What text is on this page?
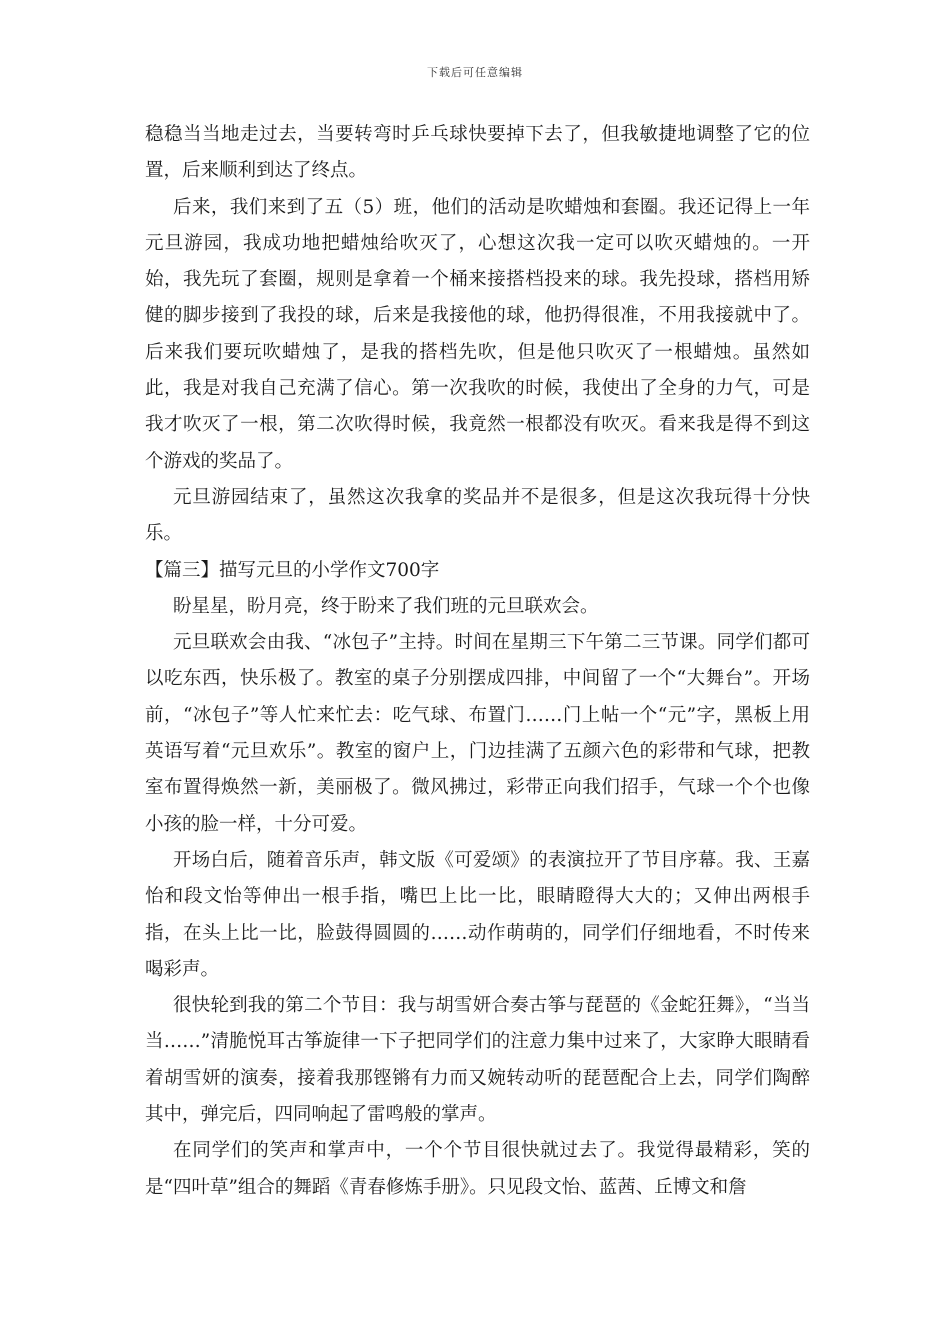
下载后可任意编辑

稳稳当当地走过去，当要转弯时乒乓球快要掉下去了，但我敏捷地调整了它的位置，后来顺利到达了终点。

后来，我们来到了五（5）班，他们的活动是吹蜡烛和套圈。我还记得上一年元旦游园，我成功地把蜡烛给吹灭了，心想这次我一定可以吹灭蜡烛的。一开始，我先玩了套圈，规则是拿着一个桶来接搭档投来的球。我先投球，搭档用矫健的脚步接到了我投的球，后来是我接他的球，他扔得很准，不用我接就中了。后来我们要玩吹蜡烛了，是我的搭档先吹，但是他只吹灭了一根蜡烛。虽然如此，我是对我自己充满了信心。第一次我吹的时候，我使出了全身的力气，可是我才吹灭了一根，第二次吹得时候，我竟然一根都没有吹灭。看来我是得不到这个游戏的奖品了。

元旦游园结束了，虽然这次我拿的奖品并不是很多，但是这次我玩得十分快乐。

【篇三】描写元旦的小学作文700字

盼星星，盼月亮，终于盼来了我们班的元旦联欢会。

元旦联欢会由我、“冰包子”主持。时间在星期三下午第二三节课。同学们都可以吃东西，快乐极了。教室的桌子分别摆成四排，中间留了一个“大舞台”。开场前，“冰包子”等人忙来忙去：吃气球、布置门……门上帖一个“元”字，黑板上用英语写着“元旦欢乐”。教室的窗户上，门边挂满了五颜六色的彩带和气球，把教室布置得焕然一新，美丽极了。微风拂过，彩带正向我们招手，气球一个个也像小孩的脸一样，十分可爱。

开场白后，随着音乐声，韩文版《可爱颂》的表演拉开了节目序幕。我、王嘉怡和段文怡等伸出一根手指，嘴巴上比一比，眼睛瞪得大大的；又伸出两根手指，在头上比一比，脸鼓得圆圆的……动作萌萌的，同学们仔细地看，不时传来喝彩声。

很快轮到我的第二个节目：我与胡雪妍合奏古筝与琵琶的《金蛇狂舞》，“当当当……”清脆悦耳古筝旋律一下子把同学们的注意力集中过来了，大家睁大眼睛看着胡雪妍的演奏，接着我那铿锵有力而又婉转动听的琵琶配合上去，同学们陶醉其中，弹完后，四同响起了雷鸣般的掌声。

在同学们的笑声和掌声中，一个个节目很快就过去了。我觉得最精彩，笑的是“四叶草”组合的舞蹈《青春修炼手册》。只见段文怡、蓝茜、丘博文和詹
